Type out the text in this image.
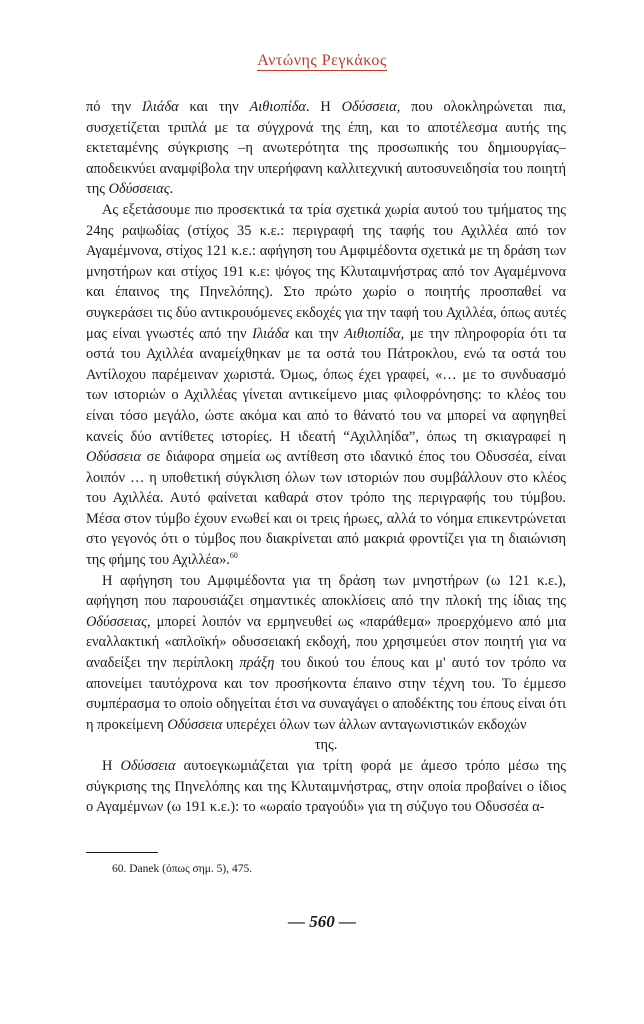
Αντώνης Ρεγκάκος

πό την Ιλιάδα και την Αιθιοπίδα. Η Οδύσσεια, που ολοκληρώνεται πια, συσχετίζεται τριπλά με τα σύγχρονά της έπη, και το αποτέλεσμα αυτής της εκτεταμένης σύγκρισης –η ανωτερότητα της προσωπικής του δημιουργίας– αποδεικνύει αναμφίβολα την υπερήφανη καλλιτεχνική αυτοσυνειδησία του ποιητή της Οδύσσειας.

Ας εξετάσουμε πιο προσεκτικά τα τρία σχετικά χωρία αυτού του τμήματος της 24ης ραψωδίας (στίχος 35 κ.ε.: περιγραφή της ταφής του Αχιλλέα από τον Αγαμέμνονα, στίχος 121 κ.ε.: αφήγηση του Αμφιμέδοντα σχετικά με τη δράση των μνηστήρων και στίχος 191 κ.ε: ψόγος της Κλυταιμνήστρας από τον Αγαμέμνονα και έπαινος της Πηνελόπης). Στο πρώτο χωρίο ο ποιητής προσπαθεί να συγκεράσει τις δύο αντικρουόμενες εκδοχές για την ταφή του Αχιλλέα, όπως αυτές μας είναι γνωστές από την Ιλιάδα και την Αιθιοπίδα, με την πληροφορία ότι τα οστά του Αχιλλέα αναμείχθηκαν με τα οστά του Πάτροκλου, ενώ τα οστά του Αντίλοχου παρέμειναν χωριστά. Όμως, όπως έχει γραφεί, «… με το συνδυασμό των ιστοριών ο Αχιλλέας γίνεται αντικείμενο μιας φιλοφρόνησης: το κλέος του είναι τόσο μεγάλο, ώστε ακόμα και από το θάνατό του να μπορεί να αφηγηθεί κανείς δύο αντίθετες ιστορίες. Η ιδεατή “Αχιλληίδα”, όπως τη σκιαγραφεί η Οδύσσεια σε διάφορα σημεία ως αντίθεση στο ιδανικό έπος του Οδυσσέα, είναι λοιπόν … η υποθετική σύγκλιση όλων των ιστοριών που συμβάλλουν στο κλέος του Αχιλλέα. Αυτό φαίνεται καθαρά στον τρόπο της περιγραφής του τύμβου. Μέσα στον τύμβο έχουν ενωθεί και οι τρεις ήρωες, αλλά το νόημα επικεντρώνεται στο γεγονός ότι ο τύμβος που διακρίνεται από μακριά φροντίζει για τη διαιώνιση της φήμης του Αχιλλέα».$^{60}$

Η αφήγηση του Αμφιμέδοντα για τη δράση των μνηστήρων (ω 121 κ.ε.), αφήγηση που παρουσιάζει σημαντικές αποκλίσεις από την πλοκή της ίδιας της Οδύσσειας, μπορεί λοιπόν να ερμηνευθεί ως «παράθεμα» προερχόμενο από μια εναλλακτική «απλοϊκή» οδυσσειακή εκδοχή, που χρησιμεύει στον ποιητή για να αναδείξει την περίπλοκη πράξη του δικού του έπους και μ' αυτό τον τρόπο να απονείμει ταυτόχρονα και τον προσήκοντα έπαινο στην τέχνη του. Το έμμεσο συμπέρασμα το οποίο οδηγείται έτσι να συναγάγει ο αποδέκτης του έπους είναι ότι η προκείμενη Οδύσσεια υπερέχει όλων των άλλων ανταγωνιστικών εκδοχών

της.

Η Οδύσσεια αυτοεγκωμιάζεται για τρίτη φορά με άμεσο τρόπο μέσω της σύγκρισης της Πηνελόπης και της Κλυταιμνήστρας, στην οποία προβαίνει ο ίδιος ο Αγαμέμνων (ω 191 κ.ε.): το «ωραίο τραγούδι» για τη σύζυγο του Οδυσσέα α-

60. Danek (όπως σημ. 5), 475.
— 560 —
